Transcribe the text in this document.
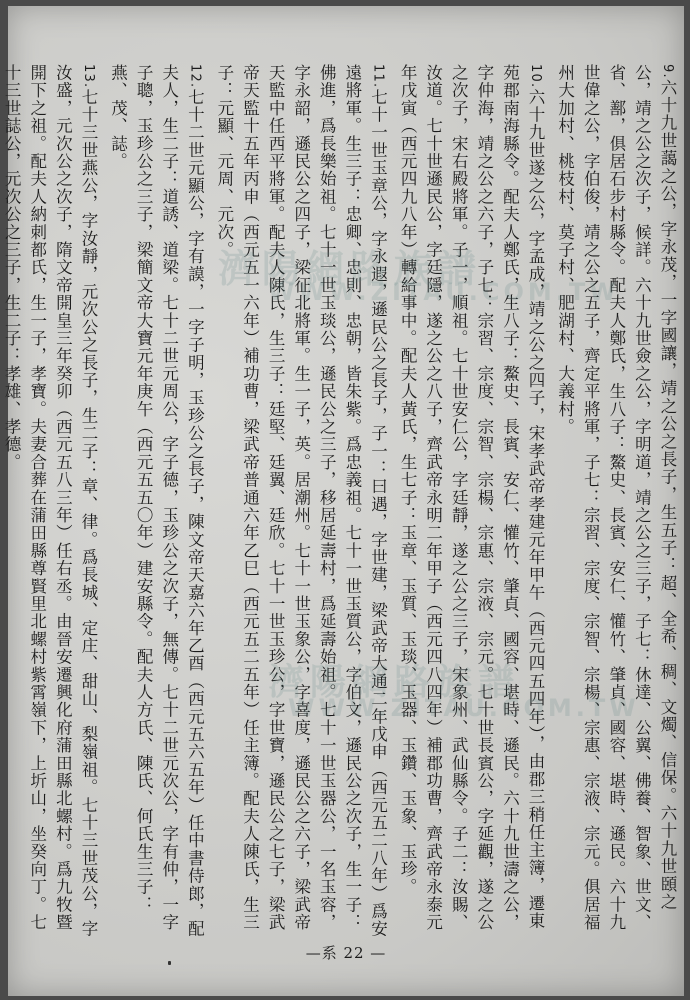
9.六十九世藹之公，字永茂，一字國讓，靖之公之長子，生五子：超、全希、稠、文燭、信保。六十九世頣之公，靖之公之次子，候詳。六十九世僉之公，字明道，靖之公之三子，子七：休達、公翼、佛養、智象、世文、省、鄯，俱居石步村縣令。配夫人鄭氏，生八子：鰲史、長賓、安仁、懽竹、肇貞、國容、堪時、遜民。六十九世偉之公，字伯俊，靖之公之五子，齊定平將軍，子七：宗習、宗度、宗智、宗楊、宗惠、宗液、宗元。俱居福州大加村、桃枝村、莫子村、肥湖村、大義村。
10.六十九世遂之公，字孟成，靖之公之四子，宋孝武帝孝建元年甲午（西元四五四年），由郡三稍任主簿，遷東苑郡南海縣令。配夫人鄭氏，生八子：鰲史、長賓、安仁、懽竹、肇貞、國容、堪時、遜民。六十九世濤之公，字仲海，靖之公之六子，子七：宗習、宗度、宗智、宗楊、宗惠、宗液、宗元。七十世長賓公，字延觀，遂之公之次子，宋右殿將軍。子一，順祖。七十世安仁公，字廷靜，遂之公之三子，宋象州、武仙縣令。子二：汝賜、汝道。七十世遜民公，字廷隱，遂之公之八子，齊武帝永明二年甲子（西元四八四年）補郡功曹，齊武帝永泰元年戊寅（西元四九八年）轉給事中。配夫人黃氏，生七子：玉章、玉質、玉琰、玉器、玉鑽、玉象、玉珍。
11.七十一世玉章公，字永遐，遜民公之長子，子一：曰遇，字世建，梁武帝大通二年戊申（西元五二八年）爲安遠將軍。生三子：忠卿、忠則、忠朝，皆朱紫。爲忠義祖。七十一世玉質公，字伯文，遜民公之次子，生一子：佛進，爲長樂始祖。七十一世玉琰公，遜民公之三子，移居延壽村，爲延壽始祖。七十一世玉器公，一名玉容，字永韶，遜民公之四子，梁征北將軍。生一子，英。居潮州。七十一世玉象公，字喜度，遜民公之六子，梁武帝天監中任西平將軍。配夫人陳氏，生三子：廷堅、廷翼、廷欣。七十一世玉珍公，字世寶，遜民公之七子，梁武帝天監十五年丙申（西元五一六年）補功曹，梁武帝普通六年乙巳（西元五二五年）任主簿。配夫人陳氏，生三子：元顯、元周、元次。
12.七十二世元顯公，字有謨，一字子明，玉珍公之長子，陳文帝天嘉六年乙酉（西元五六五年）任中書侍郎，配夫人，生二子：道誘、道梁。七十二世元周公，字子德，玉珍公之次子，無傳。七十二世元次公，字有仲，一字子聰，玉珍公之三子，梁簡文帝大寶元年庚午（西元五五〇年）建安縣令。配夫人方氏、陳氏、何氏生三子：燕、茂、誌。
13.七十三世燕公，字汝靜，元次公之長子，生二子：章、律。爲長城、定庄、甜山、梨嶺祖。七十三世茂公，字汝盛，元次公之次子，隋文帝開皇三年癸卯（西元五八三年）任右丞。由晉安遷興化府蒲田縣北螺村。爲九牧暨開下之祖。配夫人納刺都氏，生一子，孝寶。夫妻合葬在蒲田縣尊賢里北螺村紫霄嶺下，上圻山，坐癸向丁。七十三世誌公，元次公之三子，生二子：孝雄、孝德。	濟陽網路族譜
WWW.ZITAU.COM.TW
濟陽網路族譜
WWW.ZITAU.COM.TW
—系 22 —
